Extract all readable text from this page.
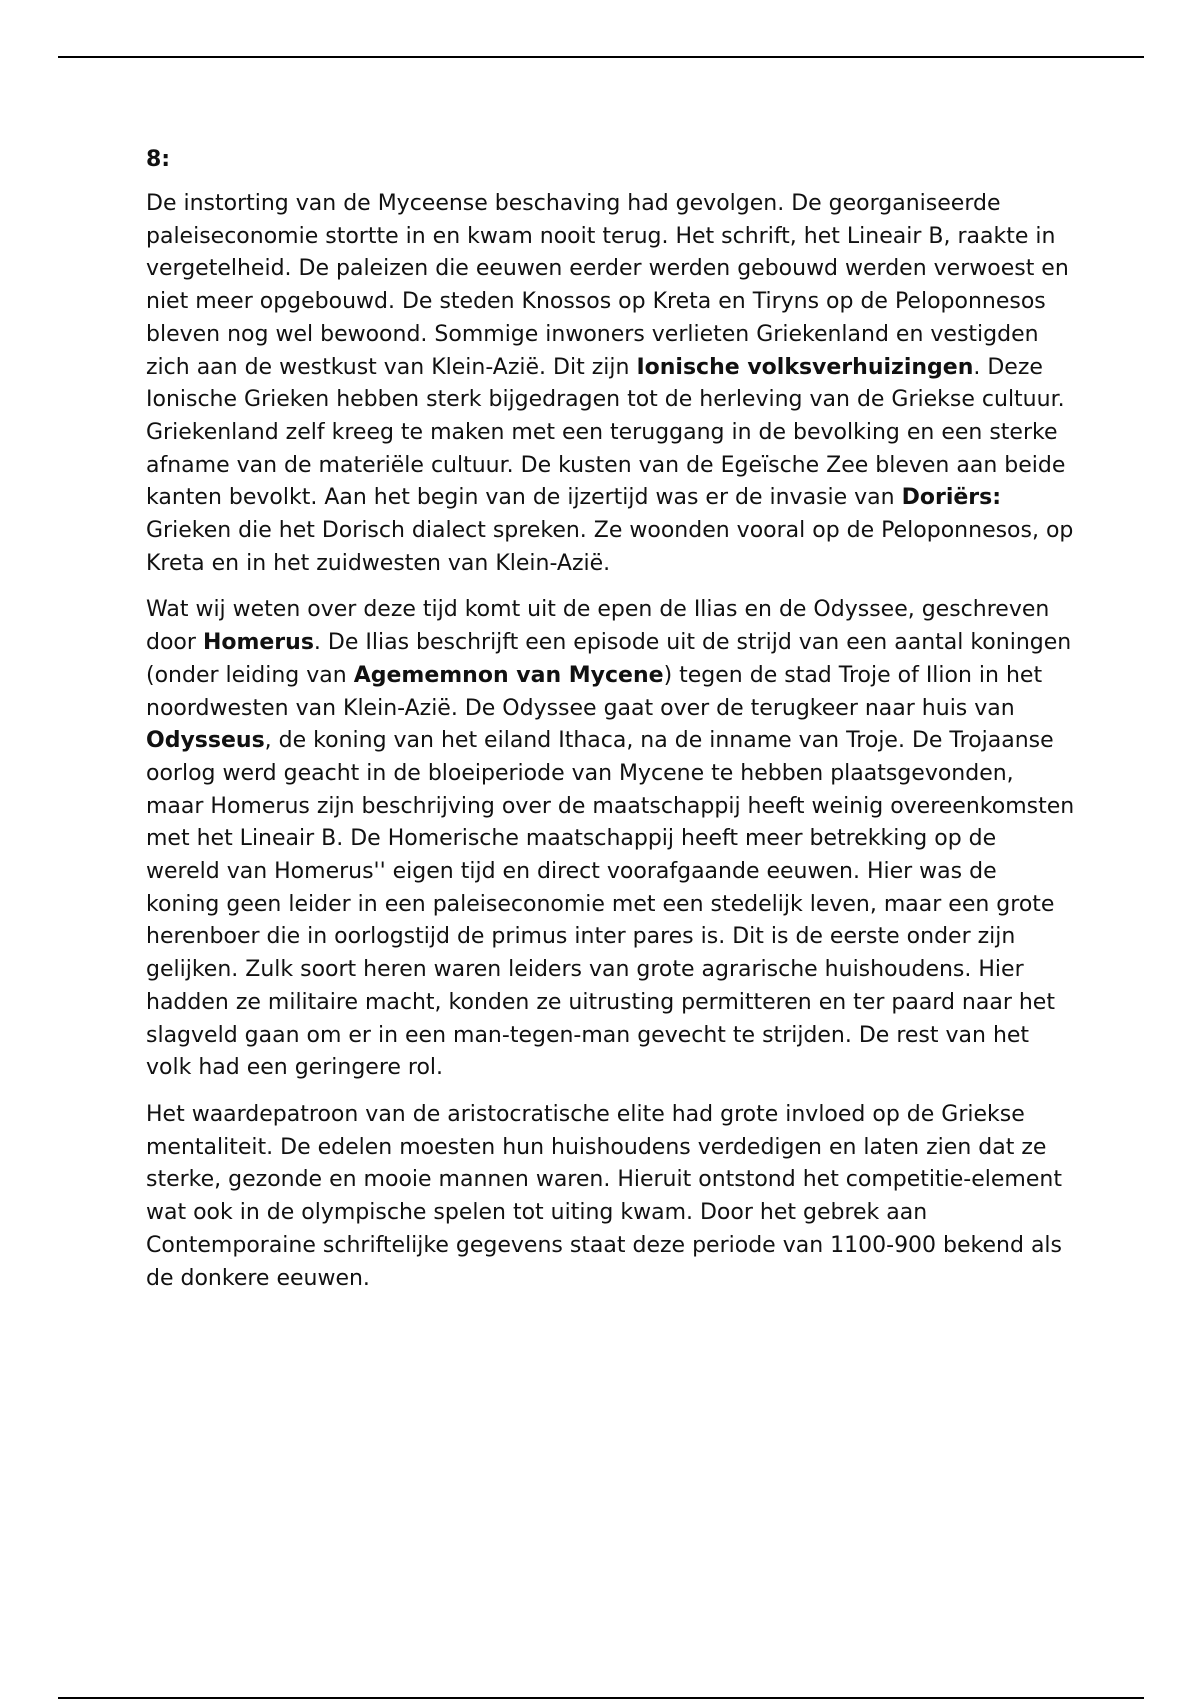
8:

De instorting van de Myceense beschaving had gevolgen. De georganiseerde paleiseconomie stortte in en kwam nooit terug. Het schrift, het Lineair B, raakte in vergetelheid. De paleizen die eeuwen eerder werden gebouwd werden verwoest en niet meer opgebouwd. De steden Knossos op Kreta en Tiryns op de Peloponnesos bleven nog wel bewoond. Sommige inwoners verlieten Griekenland en vestigden zich aan de westkust van Klein-Azië. Dit zijn Ionische volksverhuizingen. Deze Ionische Grieken hebben sterk bijgedragen tot de herleving van de Griekse cultuur. Griekenland zelf kreeg te maken met een teruggang in de bevolking en een sterke afname van de materiële cultuur. De kusten van de Egeïsche Zee bleven aan beide kanten bevolkt. Aan het begin van de ijzertijd was er de invasie van Doriërs: Grieken die het Dorisch dialect spreken. Ze woonden vooral op de Peloponnesos, op Kreta en in het zuidwesten van Klein-Azië.

Wat wij weten over deze tijd komt uit de epen de Ilias en de Odyssee, geschreven door Homerus. De Ilias beschrijft een episode uit de strijd van een aantal koningen (onder leiding van Agememnon van Mycene) tegen de stad Troje of Ilion in het noordwesten van Klein-Azië. De Odyssee gaat over de terugkeer naar huis van Odysseus, de koning van het eiland Ithaca, na de inname van Troje. De Trojaanse oorlog werd geacht in de bloeiperiode van Mycene te hebben plaatsgevonden, maar Homerus zijn beschrijving over de maatschappij heeft weinig overeenkomsten met het Lineair B. De Homerische maatschappij heeft meer betrekking op de wereld van Homerus'' eigen tijd en direct voorafgaande eeuwen. Hier was de koning geen leider in een paleiseconomie met een stedelijk leven, maar een grote herenboer die in oorlogstijd de primus inter pares is. Dit is de eerste onder zijn gelijken. Zulk soort heren waren leiders van grote agrarische huishoudens. Hier hadden ze militaire macht, konden ze uitrusting permitteren en ter paard naar het slagveld gaan om er in een man-tegen-man gevecht te strijden. De rest van het volk had een geringere rol.

Het waardepatroon van de aristocratische elite had grote invloed op de Griekse mentaliteit. De edelen moesten hun huishoudens verdedigen en laten zien dat ze sterke, gezonde en mooie mannen waren. Hieruit ontstond het competitie-element wat ook in de olympische spelen tot uiting kwam. Door het gebrek aan Contemporaine schriftelijke gegevens staat deze periode van 1100-900 bekend als de donkere eeuwen.
